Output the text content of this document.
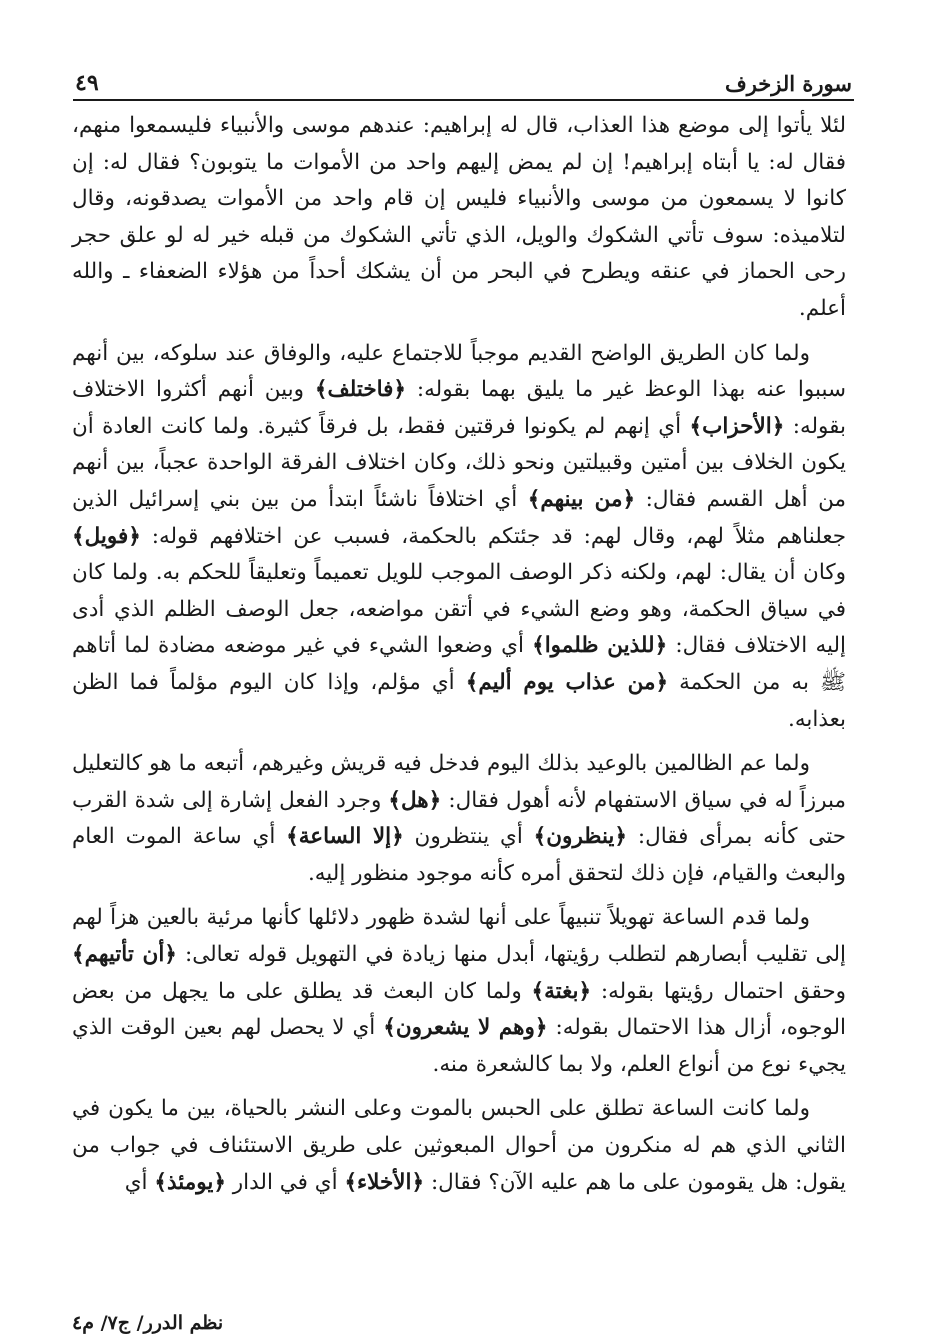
سورة الزخرف
٤٩

لئلا يأتوا إلى موضع هذا العذاب، قال له إبراهيم: عندهم موسى والأنبياء فليسمعوا منهم، فقال له: يا أبتاه إبراهيم! إن لم يمض إليهم واحد من الأموات ما يتوبون؟ فقال له: إن كانوا لا يسمعون من موسى والأنبياء فليس إن قام واحد من الأموات يصدقونه، وقال لتلاميذه: سوف تأتي الشكوك والويل، الذي تأتي الشكوك من قبله خير له لو علق حجر رحى الحماز في عنقه ويطرح في البحر من أن يشكك أحداً من هؤلاء الضعفاء ـ والله أعلم.

ولما كان الطريق الواضح القديم موجباً للاجتماع عليه، والوفاق عند سلوكه، بين أنهم سببوا عنه بهذا الوعظ غير ما يليق بهما بقوله: ﴿فاختلف﴾ وبين أنهم أكثروا الاختلاف بقوله: ﴿الأحزاب﴾ أي إنهم لم يكونوا فرقتين فقط، بل فرقاً كثيرة. ولما كانت العادة أن يكون الخلاف بين أمتين وقبيلتين ونحو ذلك، وكان اختلاف الفرقة الواحدة عجباً، بين أنهم من أهل القسم فقال: ﴿من بينهم﴾ أي اختلافاً ناشئاً ابتدأ من بين بني إسرائيل الذين جعلناهم مثلاً لهم، وقال لهم: قد جئتكم بالحكمة، فسبب عن اختلافهم قوله: ﴿فويل﴾ وكان أن يقال: لهم، ولكنه ذكر الوصف الموجب للويل تعميماً وتعليقاً للحكم به. ولما كان في سياق الحكمة، وهو وضع الشيء في أتقن مواضعه، جعل الوصف الظلم الذي أدى إليه الاختلاف فقال: ﴿للذين ظلموا﴾ أي وضعوا الشيء في غير موضعه مضادة لما أتاهم ﷺ به من الحكمة ﴿من عذاب يوم أليم﴾ أي مؤلم، وإذا كان اليوم مؤلماً فما الظن بعذابه.

ولما عم الظالمين بالوعيد بذلك اليوم فدخل فيه قريش وغيرهم، أتبعه ما هو كالتعليل مبرزاً له في سياق الاستفهام لأنه أهول فقال: ﴿هل﴾ وجرد الفعل إشارة إلى شدة القرب حتى كأنه بمرأى فقال: ﴿ينظرون﴾ أي ينتظرون ﴿إلا الساعة﴾ أي ساعة الموت العام والبعث والقيام، فإن ذلك لتحقق أمره كأنه موجود منظور إليه.

ولما قدم الساعة تهويلاً تنبيهاً على أنها لشدة ظهور دلائلها كأنها مرئية بالعين هزاً لهم إلى تقليب أبصارهم لتطلب رؤيتها، أبدل منها زيادة في التهويل قوله تعالى: ﴿أن تأتيهم﴾ وحقق احتمال رؤيتها بقوله: ﴿بغتة﴾ ولما كان البعث قد يطلق على ما يجهل من بعض الوجوه، أزال هذا الاحتمال بقوله: ﴿وهم لا يشعرون﴾ أي لا يحصل لهم بعين الوقت الذي يجيء نوع من أنواع العلم، ولا بما كالشعرة منه.

ولما كانت الساعة تطلق على الحبس بالموت وعلى النشر بالحياة، بين ما يكون في الثاني الذي هم له منكرون من أحوال المبعوثين على طريق الاستئناف في جواب من يقول: هل يقومون على ما هم عليه الآن؟ فقال: ﴿الأخلاء﴾ أي في الدار ﴿يومئذ﴾ أي

نظم الدرر/ ج٧/ م٤
